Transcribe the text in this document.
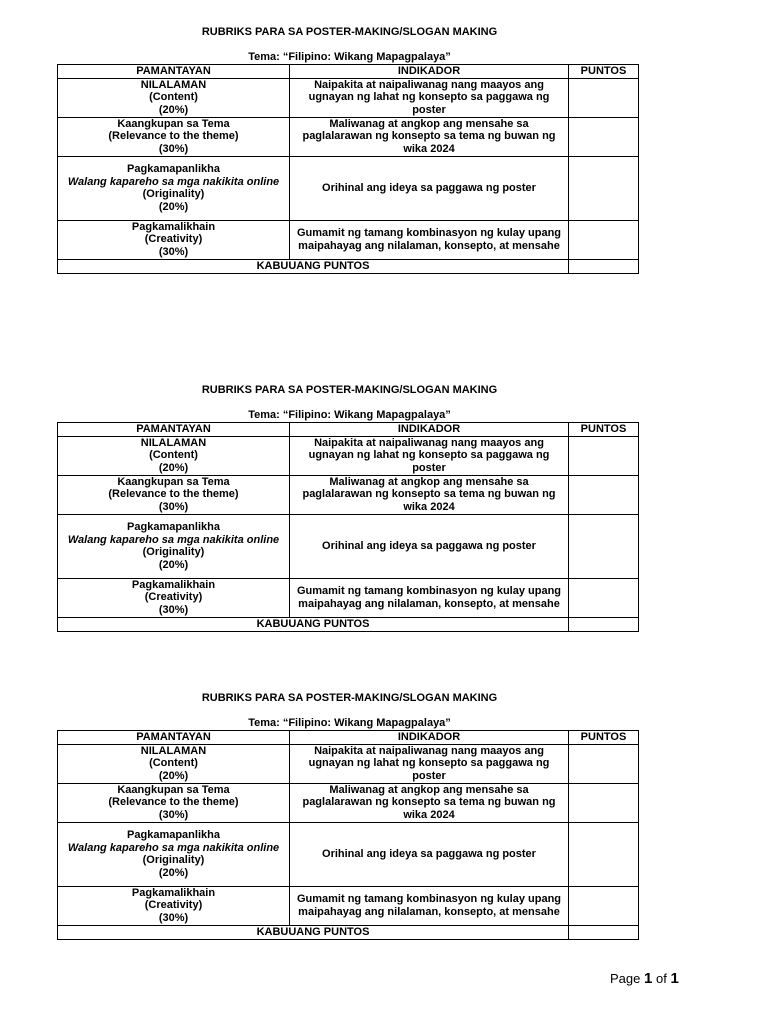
RUBRIKS PARA SA POSTER-MAKING/SLOGAN MAKING
Tema: “Filipino: Wikang Mapagpalaya”
PAMANTAYAN	INDIKADOR	PUNTOS

NILALAMAN
(Content)
(20%)	Naipakita at naipaliwanag nang maayos ang ugnayan ng lahat ng konsepto sa paggawa ng poster	

Kaangkupan sa Tema
(Relevance to the theme)
(30%)	Maliwanag at angkop ang mensahe sa paglalarawan ng konsepto sa tema ng buwan ng wika 2024	

Pagkamapanlikha
Walang kapareho sa mga nakikita online
(Originality)
(20%)	Orihinal ang ideya sa paggawa ng poster	

Pagkamalikhain
(Creativity)
(30%)	Gumamit ng tamang kombinasyon ng kulay upang maipahayag ang nilalaman, konsepto, at mensahe	
KABUUANG PUNTOS		
RUBRIKS PARA SA POSTER-MAKING/SLOGAN MAKING
Tema: “Filipino: Wikang Mapagpalaya”
PAMANTAYAN	INDIKADOR	PUNTOS

NILALAMAN
(Content)
(20%)	Naipakita at naipaliwanag nang maayos ang ugnayan ng lahat ng konsepto sa paggawa ng poster	

Kaangkupan sa Tema
(Relevance to the theme)
(30%)	Maliwanag at angkop ang mensahe sa paglalarawan ng konsepto sa tema ng buwan ng wika 2024	

Pagkamapanlikha
Walang kapareho sa mga nakikita online
(Originality)
(20%)	Orihinal ang ideya sa paggawa ng poster	

Pagkamalikhain
(Creativity)
(30%)	Gumamit ng tamang kombinasyon ng kulay upang maipahayag ang nilalaman, konsepto, at mensahe	
KABUUANG PUNTOS		
RUBRIKS PARA SA POSTER-MAKING/SLOGAN MAKING
Tema: “Filipino: Wikang Mapagpalaya”
PAMANTAYAN	INDIKADOR	PUNTOS

NILALAMAN
(Content)
(20%)	Naipakita at naipaliwanag nang maayos ang ugnayan ng lahat ng konsepto sa paggawa ng poster	

Kaangkupan sa Tema
(Relevance to the theme)
(30%)	Maliwanag at angkop ang mensahe sa paglalarawan ng konsepto sa tema ng buwan ng wika 2024	

Pagkamapanlikha
Walang kapareho sa mga nakikita online
(Originality)
(20%)	Orihinal ang ideya sa paggawa ng poster	

Pagkamalikhain
(Creativity)
(30%)	Gumamit ng tamang kombinasyon ng kulay upang maipahayag ang nilalaman, konsepto, at mensahe	
KABUUANG PUNTOS		
Page 1 of 1
